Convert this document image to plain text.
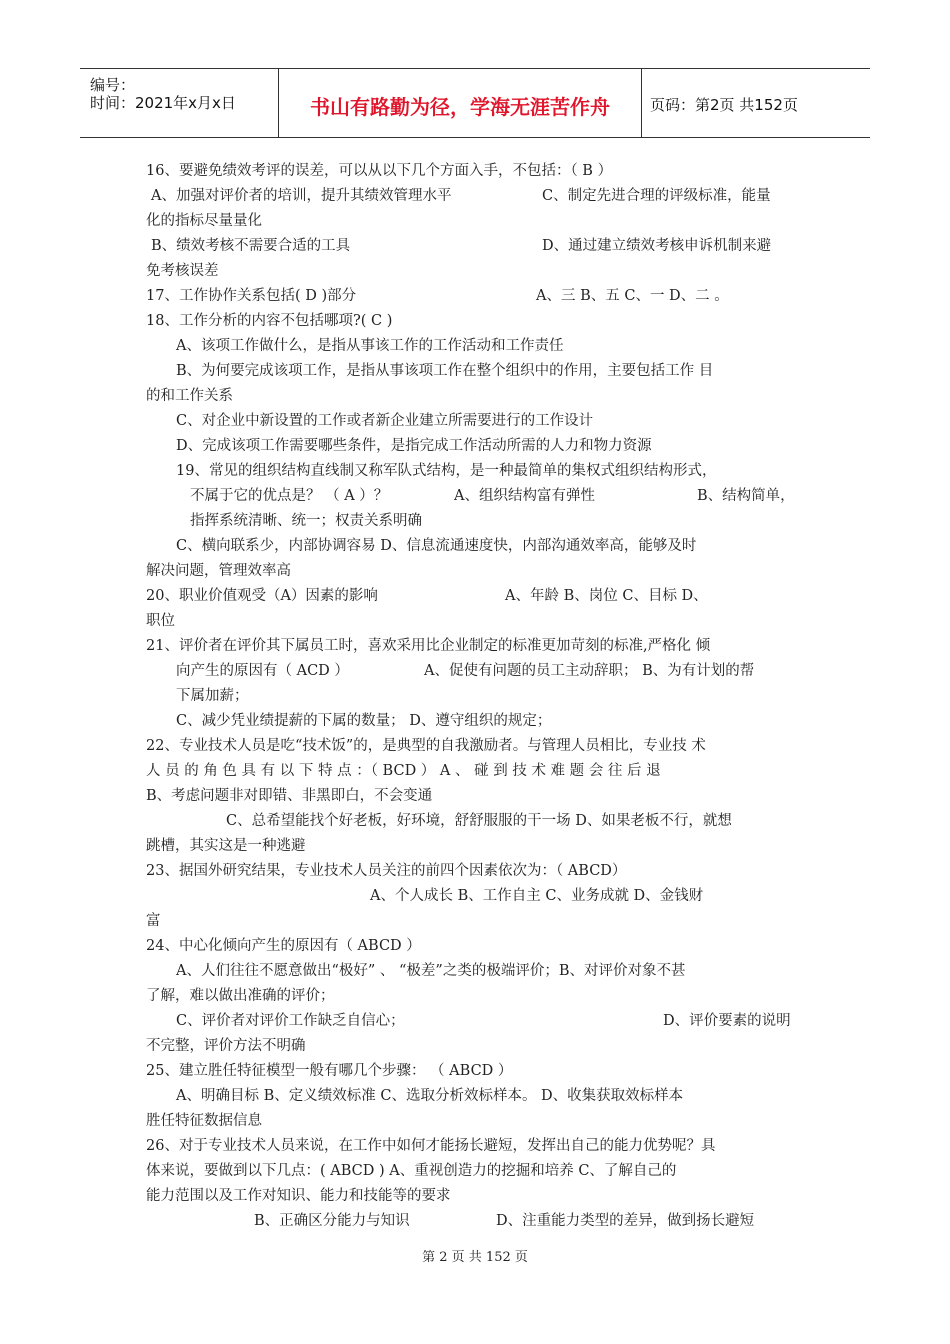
编号：
时间：2021年x月x日	书山有路勤为径，学海无涯苦作舟	页码：第2页 共152页
16、要避免绩效考评的误差，可以从以下几个方面入手，不包括：（ B ）
A、加强对评价者的培训，提升其绩效管理水平	C、制定先进合理的评级标准，能量
化的指标尽量量化
B、绩效考核不需要合适的工具	D、通过建立绩效考核申诉机制来避
免考核误差
17、工作协作关系包括( D )部分	A、三 B、五 C、一 D、二 。
18、工作分析的内容不包括哪项?( C )
A、该项工作做什么，是指从事该工作的工作活动和工作责任
B、为何要完成该项工作，是指从事该项工作在整个组织中的作用，主要包括工作 目
的和工作关系
C、对企业中新设置的工作或者新企业建立所需要进行的工作设计
D、完成该项工作需要哪些条件，是指完成工作活动所需的人力和物力资源
19、常见的组织结构直线制又称军队式结构，是一种最简单的集权式组织结构形式，
不属于它的优点是？ （ A ）？	A、组织结构富有弹性	B、结构简单，
指挥系统清晰、统一；权责关系明确
C、横向联系少，内部协调容易 D、信息流通速度快，内部沟通效率高，能够及时
解决问题，管理效率高
20、职业价值观受（A）因素的影响	A、年龄 B、岗位 C、目标 D、
职位
21、评价者在评价其下属员工时，喜欢采用比企业制定的标准更加苛刻的标准,严格化 倾
向产生的原因有（ ACD ）	A、促使有问题的员工主动辞职； B、为有计划的帮
下属加薪；
C、减少凭业绩提薪的下属的数量； D、遵守组织的规定；
22、专业技术人员是吃“技术饭”的，是典型的自我激励者。与管理人员相比，专业技 术
人 员 的 角 色 具 有 以 下 特 点 ：（ BCD ） A 、 碰 到 技 术 难 题 会 往 后 退
B、考虑问题非对即错、非黑即白，不会变通
C、总希望能找个好老板，好环境，舒舒服服的干一场 D、如果老板不行，就想
跳槽，其实这是一种逃避
23、据国外研究结果，专业技术人员关注的前四个因素依次为：（ ABCD）
A、个人成长 B、工作自主 C、业务成就 D、金钱财
富
24、中心化倾向产生的原因有（ ABCD ）
A、人们往往不愿意做出“极好” 、 “极差”之类的极端评价；B、对评价对象不甚
了解，难以做出准确的评价；
C、评价者对评价工作缺乏自信心；	D、评价要素的说明
不完整，评价方法不明确
25、建立胜任特征模型一般有哪几个步骤： （ ABCD ）
A、明确目标 B、定义绩效标准 C、选取分析效标样本。 D、收集获取效标样本
胜任特征数据信息
26、对于专业技术人员来说，在工作中如何才能扬长避短，发挥出自己的能力优势呢？具
体来说，要做到以下几点：( ABCD ) A、重视创造力的挖掘和培养 C、了解自己的
能力范围以及工作对知识、能力和技能等的要求
B、正确区分能力与知识	D、注重能力类型的差异，做到扬长避短
第 2 页 共 152 页
